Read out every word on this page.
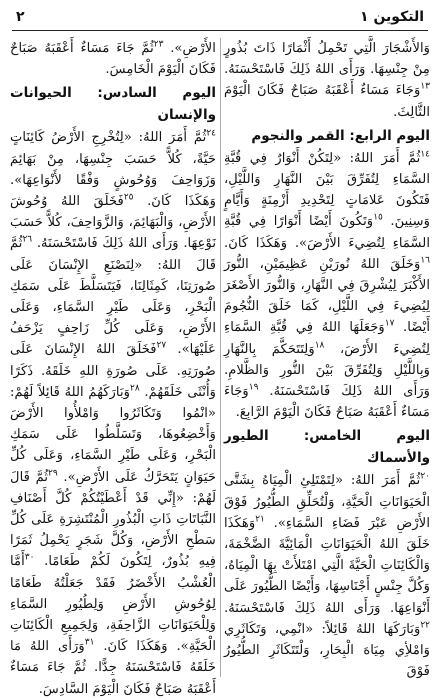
التكوين ١
٢

وَالأَشْجَارَ الَّتِي تَحْمِلُ أَثْمَارًا ذَاتَ بُذُورٍ مِنْ جِنْسِهَا. وَرَأَى اللهُ ذَلِكَ فَاسْتَحْسَنَهُ. $^{١٣}$وَجَاءَ مَسَاءٌ أَعْقَبَهُ صَبَاحٌ فَكَانَ الْيَوْمَ الثَّالِثَ.

اليوم الرابع: القمر والنجوم

$^{١٤}$ثُمَّ أَمَرَ اللهُ: «لِتَكُنْ أَنْوَارٌ فِي قُبَّةِ السَّمَاءِ لِتُفَرِّقَ بَيْنَ النَّهَارِ وَاللَّيْلِ، فَتَكُونَ عَلامَاتٍ لِتَحْدِيدِ أَزْمِنَةٍ وَأَيَّامٍ وَسِنِينَ. $^{١٥}$وَتَكُونَ أَيْضًا أَنْوَارًا فِي قُبَّةِ السَّمَاءِ لِتُضِيءَ الأَرْضَ». وَهَكَذَا كَانَ. $^{١٦}$وَخَلَقَ اللهُ نُورَيْنِ عَظِيمَيْنِ، النُّورَ الأَكْبَرَ لِيُشْرِقَ فِي النَّهَارِ، وَالنُّورَ الأَصْغَرَ لِيُضِيءَ فِي اللَّيْلِ، كَمَا خَلَقَ النُّجُومَ أَيْضًا. $^{١٧}$وَجَعَلَهَا اللهُ فِي قُبَّةِ السَّمَاءِ لِتُضِيءَ الأَرْضَ، $^{١٨}$وَلِتَتَحَكَّمَ بِالنَّهَارِ وَبِاللَّيْلِ وَلِتُفَرِّقَ بَيْنَ النُّورِ وَالظَّلامِ. وَرَأَى اللهُ ذَلِكَ فَاسْتَحْسَنَهُ. $^{١٩}$وَجَاءَ مَسَاءٌ أَعْقَبَهُ صَبَاحٌ فَكَانَ الْيَوْمَ الرَّابِعَ.

اليوم الخامس: الطيور والأسماك

$^{٢٠}$ثُمَّ أَمَرَ اللهُ: «لِتَمْتَلِئِ الْمِيَاهُ بِشَتَّى الْحَيَوَانَاتِ الْحَيَّةِ، وَلْتُحَلِّقِ الطُّيُورُ فَوْقَ الأَرْضِ عَبْرَ فَضَاءِ السَّمَاءِ». $^{٢١}$وَهَكَذَا خَلَقَ اللهُ الْحَيَوَانَاتِ الْمَائِيَّةَ الضَّخْمَةَ، وَالْكَائِنَاتِ الْحَيَّةَ الَّتِي امْتَلأَتْ بِهَا الْمِيَاهُ، وَكُلَّ جِنْسٍ أَجْنَاسِهَا، وَأَيْضًا الطُّيُورَ عَلَى أَنْوَاعِهَا. وَرَأَى اللهُ ذَلِكَ فَاسْتَحْسَنَهُ. $^{٢٢}$وَبَارَكَهَا اللهُ قَائِلاً: «انْمِي، وَتَكَاثَرِي وَامْلأِي مِيَاهَ الْبِحَارِ، وَلْتَتَكَاثَرِ الطُّيُورُ فَوْقَ

الأَرْضِ». $^{٢٣}$ثُمَّ جَاءَ مَسَاءٌ أَعْقَبَهُ صَبَاحٌ فَكَانَ الْيَوْمَ الْخَامِسَ.

اليوم السادس: الحيوانات والإنسان

$^{٢٤}$ثُمَّ أَمَرَ اللهُ: «لِتُخْرِجِ الأَرْضُ كَائِنَاتٍ حَيَّةً، كُلاًّ حَسَبَ جِنْسِهَا، مِنْ بَهَائِمَ وَزَوَاحِفَ وَوُحُوشٍ وَفْقًا لأَنْوَاعِهَا». وَهَكَذَا كَانَ. $^{٢٥}$فَخَلَقَ اللهُ وُحُوشَ الأَرْضِ، وَالْبَهَائِمَ، وَالزَّوَاحِفَ، كُلاًّ حَسَبَ نَوْعِهَا. وَرَأَى اللهُ ذَلِكَ فَاسْتَحْسَنَهُ. $^{٢٦}$ثُمَّ قَالَ اللهُ: «لِنَصْنَعِ الإِنْسَانَ عَلَى صُورَتِنَا، كَمِثَالِنَا، فَيَتَسَلَّطَ عَلَى سَمَكِ الْبَحْرِ، وَعَلَى طَيْرِ السَّمَاءِ، وَعَلَى الأَرْضِ، وَعَلَى كُلِّ زَاحِفٍ يَزْحَفُ عَلَيْهَا». $^{٢٧}$فَخَلَقَ اللهُ الإِنْسَانَ عَلَى صُورَتِهِ. عَلَى صُورَةِ اللهِ خَلَقَهُ. ذَكَرًا وَأُنْثَى خَلَقَهُمْ. $^{٢٨}$وَبَارَكَهُمُ اللهُ قَائِلاً لَهُمْ: «انْمُوا وَتَكَاثَرُوا وَامْلأُوا الأَرْضَ وَأَخْضِعُوهَا، وَتَسَلَّطُوا عَلَى سَمَكِ الْبَحْرِ، وَعَلَى طَيْرِ السَّمَاءِ، وَعَلَى كُلِّ حَيَوَانٍ يَتَحَرَّكُ عَلَى الأَرْضِ». $^{٢٩}$ثُمَّ قَالَ لَهُمْ: «إِنِّي قَدْ أَعْطَيْتُكُمْ كُلَّ أَصْنَافِ النَّبَاتَاتِ ذَاتِ الْبُذُورِ الْمُنْتَشِرَةِ عَلَى كُلِّ سَطْحِ الأَرْضِ، وَكُلَّ شَجَرٍ يَحْمِلُ ثَمَرًا فِيهِ بُذُورٌ، لِتَكُونَ لَكُمْ طَعَامًا. $^{٣٠}$أَمَّا الْعُشْبُ الأَخْضَرُ فَقَدْ جَعَلْتُهُ طَعَامًا لِوُحُوشِ الأَرْضِ وَلِطُيُورِ السَّمَاءِ وَلِلْحَيَوَانَاتِ الزَّاحِفَةِ، وَلِجَمِيعِ الْكَائِنَاتِ الْحَيَّةِ». وَهَكَذَا كَانَ. $^{٣١}$وَرَأَى اللهُ مَا خَلَقَهُ فَاسْتَحْسَنَهُ جِدًّا. ثُمَّ جَاءَ مَسَاءٌ أَعْقَبَهُ صَبَاحٌ فَكَانَ الْيَوْمَ السَّادِسَ.
